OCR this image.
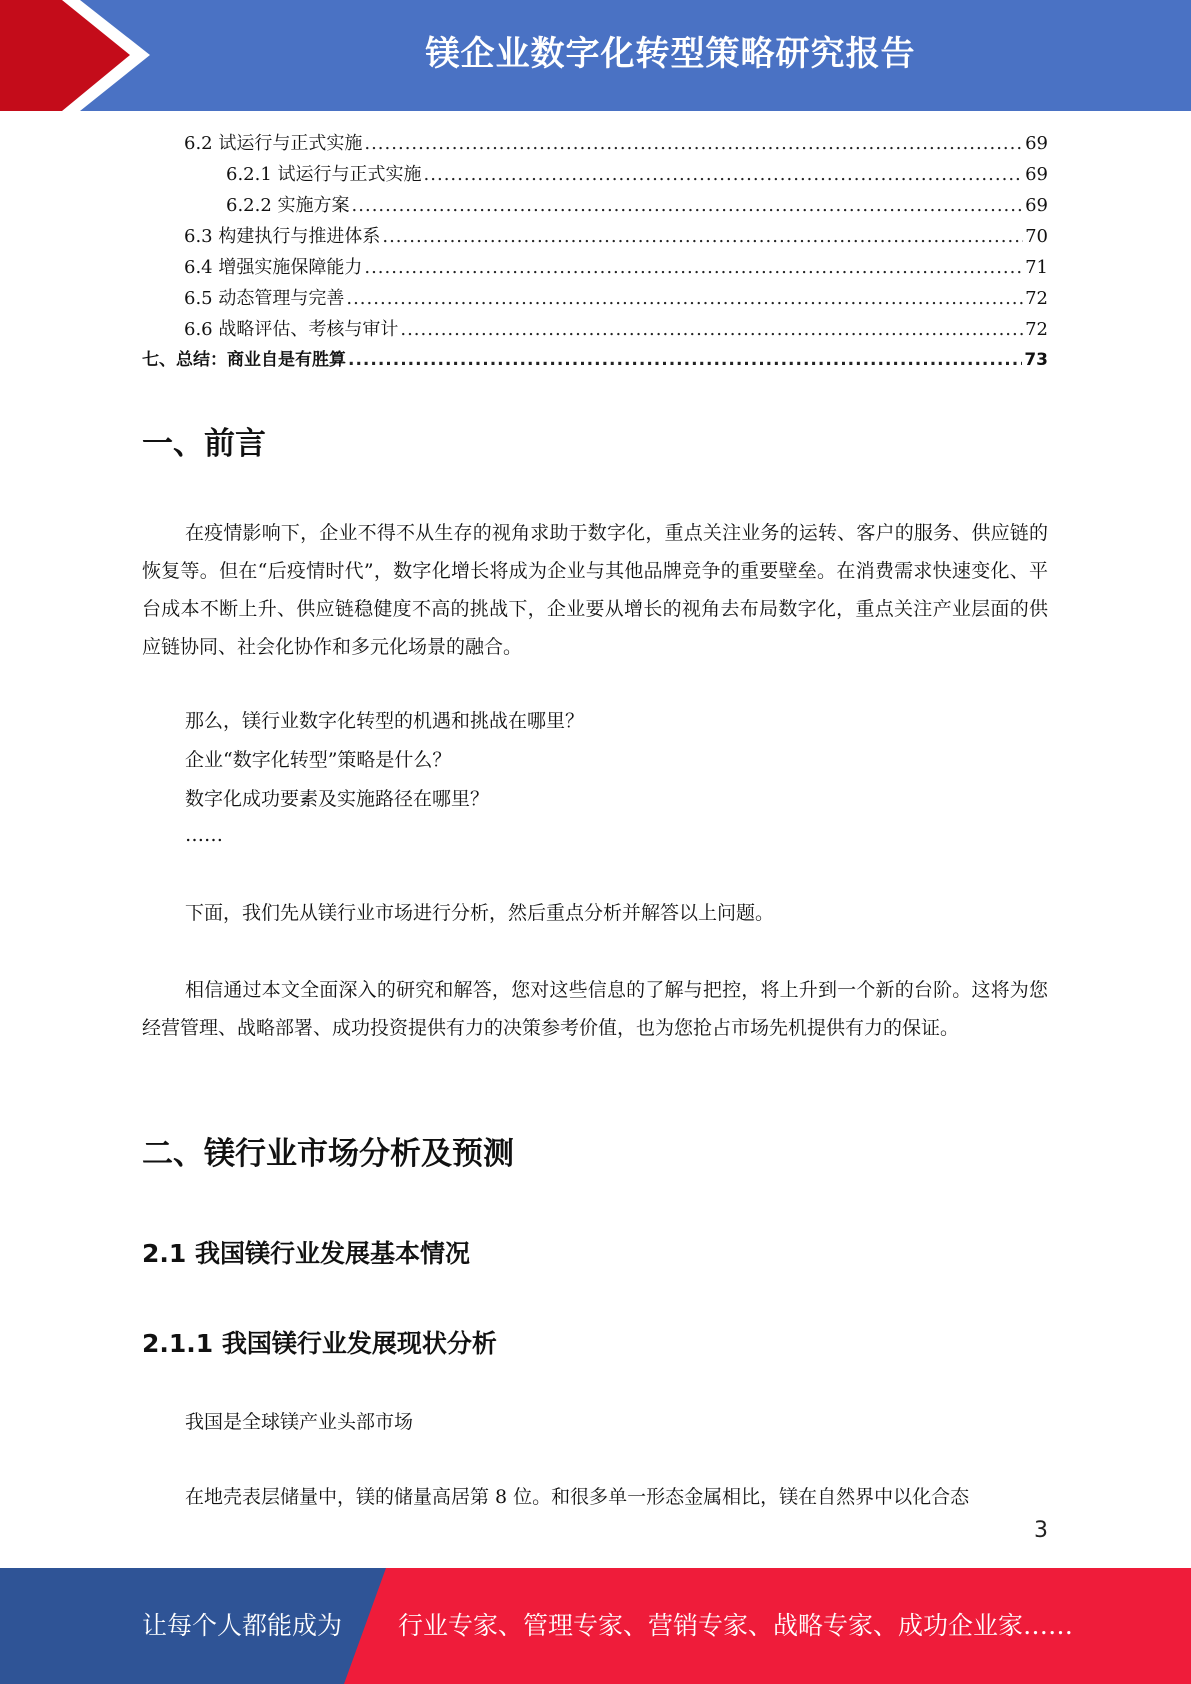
镁企业数字化转型策略研究报告
6.2 试运行与正式实施 .....	69
6.2.1 试运行与正式实施 .....	69
6.2.2 实施方案 .....	69
6.3 构建执行与推进体系 .....	70
6.4 增强实施保障能力 .....	71
6.5 动态管理与完善 .....	72
6.6 战略评估、考核与审计 .....	72
七、总结：商业自是有胜算 .....	73
一、前言

在疫情影响下，企业不得不从生存的视角求助于数字化，重点关注业务的运转、客户的服务、供应链的恢复等。但在“后疫情时代”，数字化增长将成为企业与其他品牌竞争的重要壁垒。在消费需求快速变化、平台成本不断上升、供应链稳健度不高的挑战下，企业要从增长的视角去布局数字化，重点关注产业层面的供应链协同、社会化协作和多元化场景的融合。

那么，镁行业数字化转型的机遇和挑战在哪里？

企业“数字化转型”策略是什么？

数字化成功要素及实施路径在哪里？

……

下面，我们先从镁行业市场进行分析，然后重点分析并解答以上问题。

相信通过本文全面深入的研究和解答，您对这些信息的了解与把控，将上升到一个新的台阶。这将为您经营管理、战略部署、成功投资提供有力的决策参考价值，也为您抢占市场先机提供有力的保证。

二、镁行业市场分析及预测
2.1 我国镁行业发展基本情况
2.1.1 我国镁行业发展现状分析

我国是全球镁产业头部市场

在地壳表层储量中，镁的储量高居第 8 位。和很多单一形态金属相比，镁在自然界中以化合态

3
让每个人都能成为 行业专家、管理专家、营销专家、战略专家、成功企业家……
